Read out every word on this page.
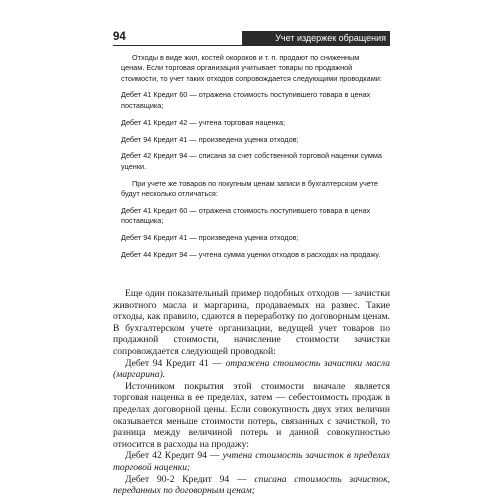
94	Учет издержек обращения

Отходы в виде жил, костей окороков и т. п. продают по сниженным ценам. Если торговая организация учитывает товары по продажной стоимости, то учет таких отходов сопровождается следующими проводками:

Дебет 41 Кредит 60 — отражена стоимость поступившего товара в ценах поставщика;

Дебет 41 Кредит 42 — учтена торговая наценка;

Дебет 94 Кредит 41 — произведена уценка отходов;

Дебет 42 Кредит 94 — списана за счет собственной торговой наценки сумма уценки.

При учете же товаров по покупным ценам записи в бухгалтерском учете будут несколько отличаться:

Дебет 41 Кредит 60 — отражена стоимость поступившего товара в ценах поставщика;

Дебет 94 Кредит 41 — произведена уценка отходов;

Дебет 44 Кредит 94 — учтена сумма уценки отходов в расходах на продажу.

Еще один показательный пример подобных отходов — зачистки животного масла и маргарина, продаваемых на развес. Такие отходы, как правило, сдаются в переработку по договорным ценам. В бухгалтерском учете организации, ведущей учет товаров по продажной стоимости, начисление стоимости зачистки сопровождается следующей проводкой:

Дебет 94 Кредит 41 — отражена стоимость зачистки масла (маргарина).

Источником покрытия этой стоимости вначале является торговая наценка в ее пределах, затем — себестоимость продаж в пределах договорной цены. Если совокупность двух этих величин оказывается меньше стоимости потерь, связанных с зачисткой, то разница между величиной потерь и данной совокупностью относится в расходы на продажу:

Дебет 42 Кредит 94 — учтена стоимость зачисток в пределах торговой наценки;

Дебет 90-2 Кредит 94 — списана стоимость зачисток, переданных по договорным ценам;
